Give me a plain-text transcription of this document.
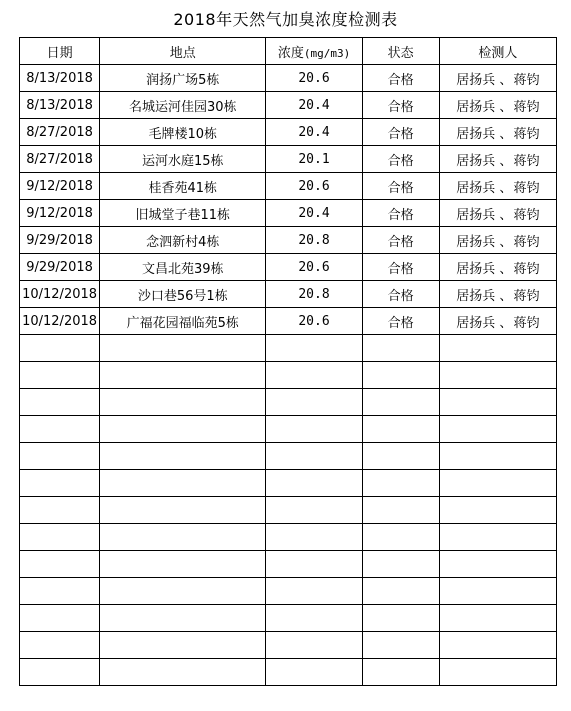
2018年天然气加臭浓度检测表
日期	地点	浓度(mg/m3)	状态	检测人
8/13/2018	润扬广场5栋	20.6	合格	居扬兵 、 蒋钧
8/13/2018	名城运河佳园30栋	20.4	合格	居扬兵 、 蒋钧
8/27/2018	毛牌楼10栋	20.4	合格	居扬兵 、 蒋钧
8/27/2018	运河水庭15栋	20.1	合格	居扬兵 、 蒋钧
9/12/2018	桂香苑41栋	20.6	合格	居扬兵 、 蒋钧
9/12/2018	旧城堂子巷11栋	20.4	合格	居扬兵 、 蒋钧
9/29/2018	念泗新村4栋	20.8	合格	居扬兵 、 蒋钧
9/29/2018	文昌北苑39栋	20.6	合格	居扬兵 、 蒋钧
10/12/2018	沙口巷56号1栋	20.8	合格	居扬兵 、 蒋钧
10/12/2018	广福花园福临苑5栋	20.6	合格	居扬兵 、 蒋钧
